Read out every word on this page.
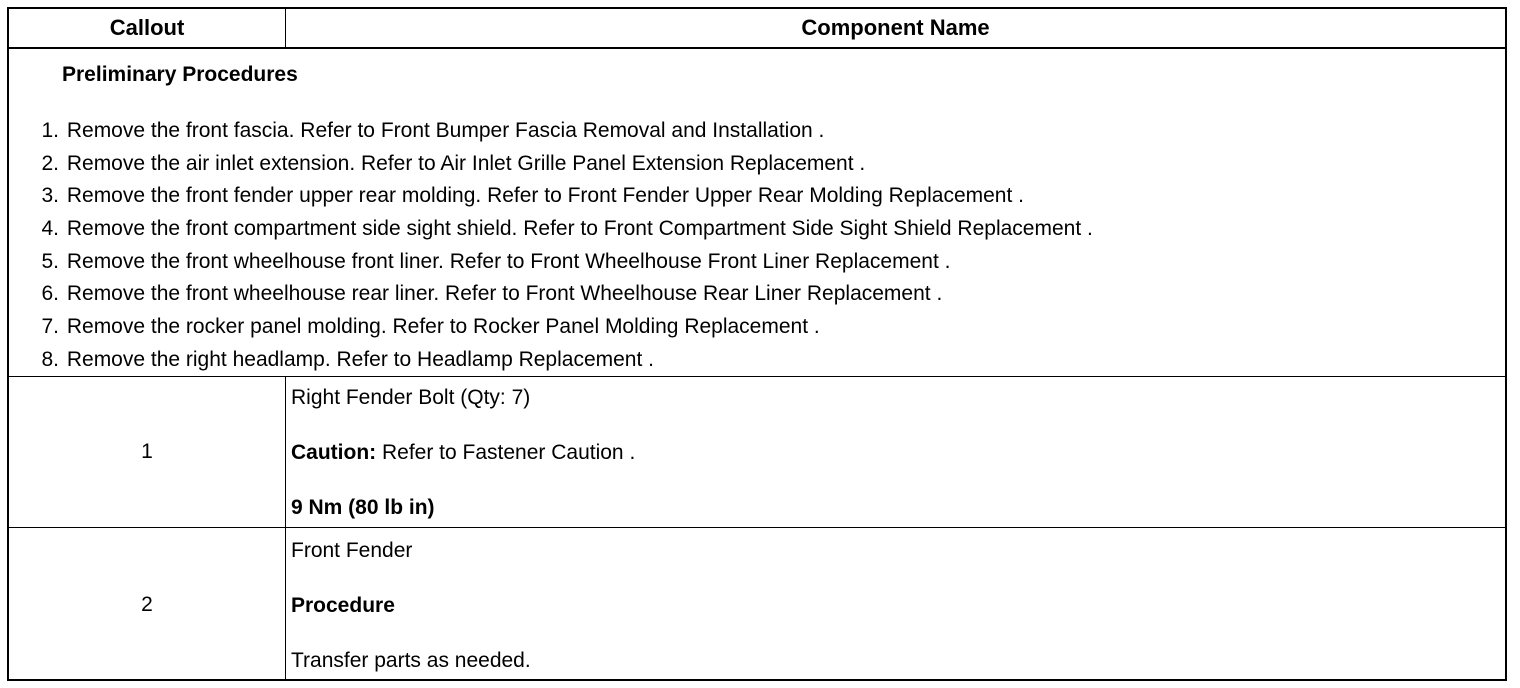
Callout	Component Name
Preliminary Procedures
1. Remove the front fascia. Refer to Front Bumper Fascia Removal and Installation .
2. Remove the air inlet extension. Refer to Air Inlet Grille Panel Extension Replacement .
3. Remove the front fender upper rear molding. Refer to Front Fender Upper Rear Molding Replacement .
4. Remove the front compartment side sight shield. Refer to Front Compartment Side Sight Shield Replacement .
5. Remove the front wheelhouse front liner. Refer to Front Wheelhouse Front Liner Replacement .
6. Remove the front wheelhouse rear liner. Refer to Front Wheelhouse Rear Liner Replacement .
7. Remove the rocker panel molding. Refer to Rocker Panel Molding Replacement .
8. Remove the right headlamp. Refer to Headlamp Replacement .
1
Right Fender Bolt (Qty: 7)
Caution: Refer to Fastener Caution .
9 Nm (80 lb in)
2
Front Fender
Procedure
Transfer parts as needed.
